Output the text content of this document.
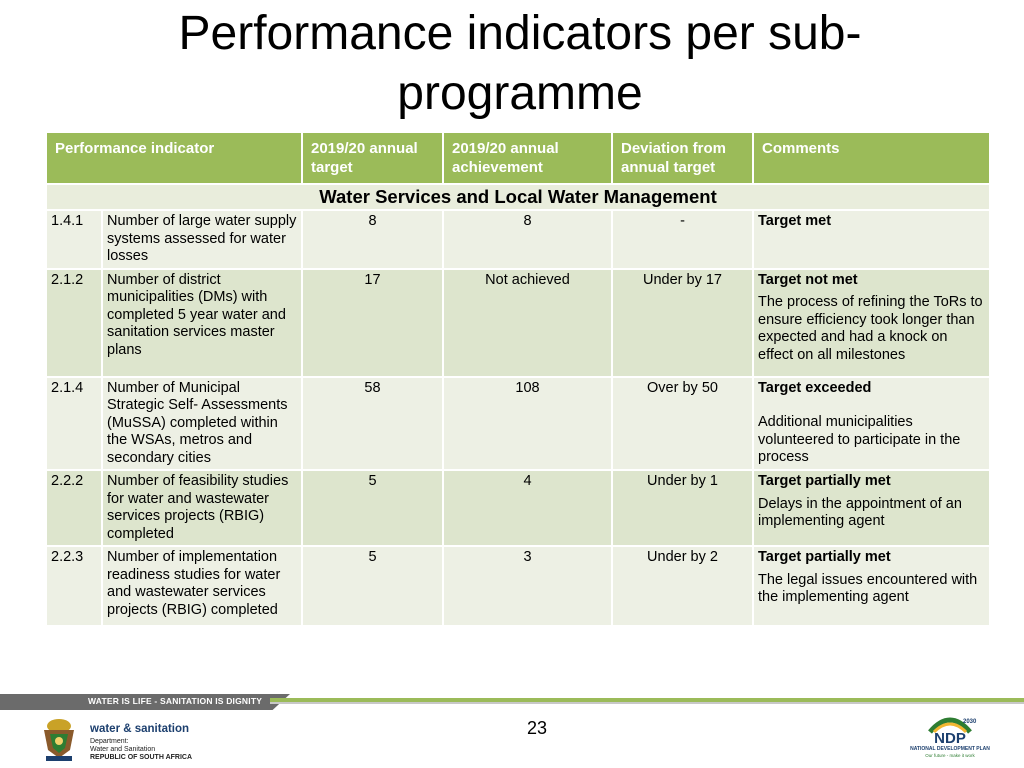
Performance indicators per sub-programme
Performance indicator		2019/20 annual target	2019/20 annual achievement	Deviation from annual target	Comments
Water Services and Local Water Management					
1.4.1	Number of large water supply systems assessed for water losses	8	8	-	Target met

2.1.2	Number of district municipalities (DMs) with completed 5 year water and sanitation services master plans	17	Not achieved	Under by 17	Target not met
The process of refining the ToRs to ensure efficiency took longer than expected and had a knock on effect on all milestones

2.1.4	Number of Municipal Strategic Self- Assessments (MuSSA) completed within the WSAs, metros and secondary cities	58	108	Over by 50	Target exceeded
Additional municipalities volunteered to participate in the process

2.2.2	Number of feasibility studies for water and wastewater services projects (RBIG) completed	5	4	Under by 1	Target partially met
Delays in the appointment of an implementing agent

2.2.3	Number of implementation readiness studies for water and wastewater services projects (RBIG) completed	5	3	Under by 2	Target partially met
The legal issues encountered with the implementing agent
WATER IS LIFE - SANITATION IS DIGNITY
water & sanitation
Department:
Water and Sanitation
REPUBLIC OF SOUTH AFRICA
23	2030
NDP
NATIONAL DEVELOPMENT PLAN
Our future - make it work
